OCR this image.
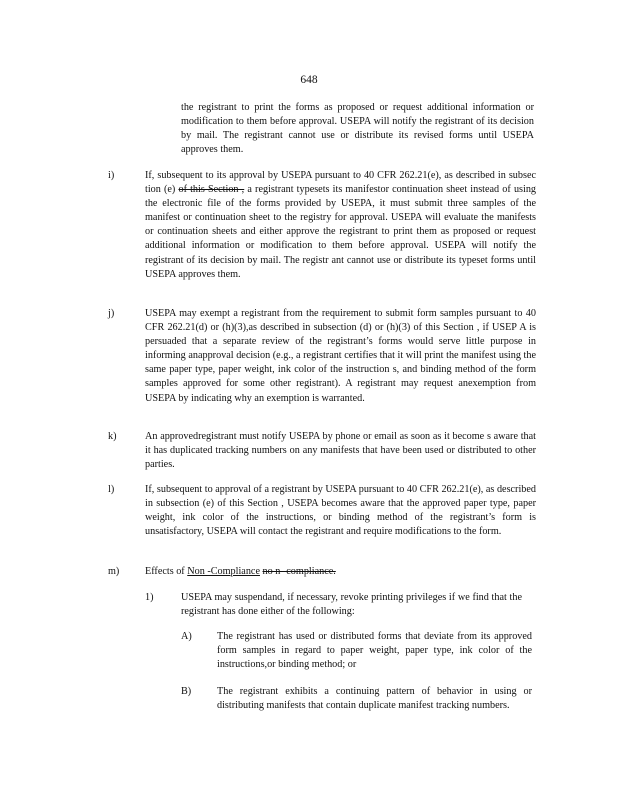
648
the registrant to print the forms as proposed or request additional information or modification to them before approval. USEPA will notify the registrant of its decision by mail. The registrant cannot use or distribute its revised forms until USEPA approves them.
i)	If, subsequent to its approval by USEPA pursuant to 40 CFR 262.21(e), as described in subsec tion (e) of this Section , a registrant typesets its manifestor continuation sheet instead of using the electronic file of the forms provided by USEPA, it must submit three samples of the manifest or continuation sheet to the registry for approval. USEPA will evaluate the manifests or continuation sheets and either approve the registrant to print them as proposed or request additional information or modification to them before approval. USEPA will notify the registrant of its decision by mail. The registr ant cannot use or distribute its typeset forms until USEPA approves them.
j)	USEPA may exempt a registrant from the requirement to submit form samples pursuant to 40 CFR 262.21(d) or (h)(3),as described in subsection (d) or (h)(3) of this Section , if USEP A is persuaded that a separate review of the registrant’s forms would serve little purpose in informing anapproval decision (e.g., a registrant certifies that it will print the manifest using the same paper type, paper weight, ink color of the instruction s, and binding method of the form samples approved for some other registrant). A registrant may request anexemption from USEPA by indicating why an exemption is warranted.
k)	An approvedregistrant must notify USEPA by phone or email as soon as it become s aware that it has duplicated tracking numbers on any manifests that have been used or distributed to other parties.
l)	If, subsequent to approval of a registrant by USEPA pursuant to 40 CFR 262.21(e), as described in subsection (e) of this Section , USEPA becomes aware that the approved paper type, paper weight, ink color of the instructions, or binding method of the registrant’s form is unsatisfactory, USEPA will contact the registrant and require modifications to the form.
m)	Effects of Non -Compliance no n -compliance.
1)	USEPA may suspendand, if necessary, revoke printing privileges if we find that the registrant has done either of the following:
A) The registrant has used or distributed forms that deviate from its approved form samples in regard to paper weight, paper type, ink color of the instructions,or binding method; or
B)	The registrant exhibits a continuing pattern of behavior in using or distributing manifests that contain duplicate manifest tracking numbers.
